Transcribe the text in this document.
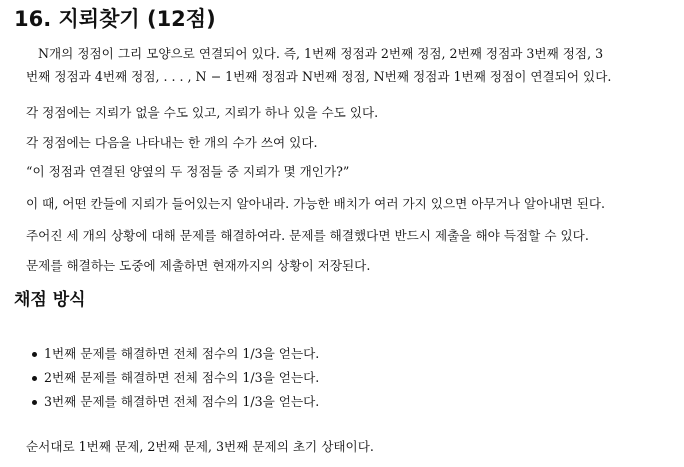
16. 지뢰찾기 (12점)
N개의 정점이 그리 모양으로 연결되어 있다. 즉, 1번째 정점과 2번째 정점, 2번째 정점과 3번째 정점, 3
번째 정점과 4번째 정점, . . . , N − 1번째 정점과 N번째 정점, N번째 정점과 1번째 정점이 연결되어 있다.

각 정점에는 지뢰가 없을 수도 있고, 지뢰가 하나 있을 수도 있다.

각 정점에는 다음을 나타내는 한 개의 수가 쓰여 있다.

“이 정점과 연결된 양옆의 두 정점들 중 지뢰가 몇 개인가?”

이 때, 어떤 칸들에 지뢰가 들어있는지 알아내라. 가능한 배치가 여러 가지 있으면 아무거나 알아내면 된다.

주어진 세 개의 상황에 대해 문제를 해결하여라. 문제를 해결했다면 반드시 제출을 해야 득점할 수 있다.

문제를 해결하는 도중에 제출하면 현재까지의 상황이 저장된다.

채점 방식
1번째 문제를 해결하면 전체 점수의 1/3을 얻는다.
2번째 문제를 해결하면 전체 점수의 1/3을 얻는다.
3번째 문제를 해결하면 전체 점수의 1/3을 얻는다.

순서대로 1번째 문제, 2번째 문제, 3번째 문제의 초기 상태이다.
